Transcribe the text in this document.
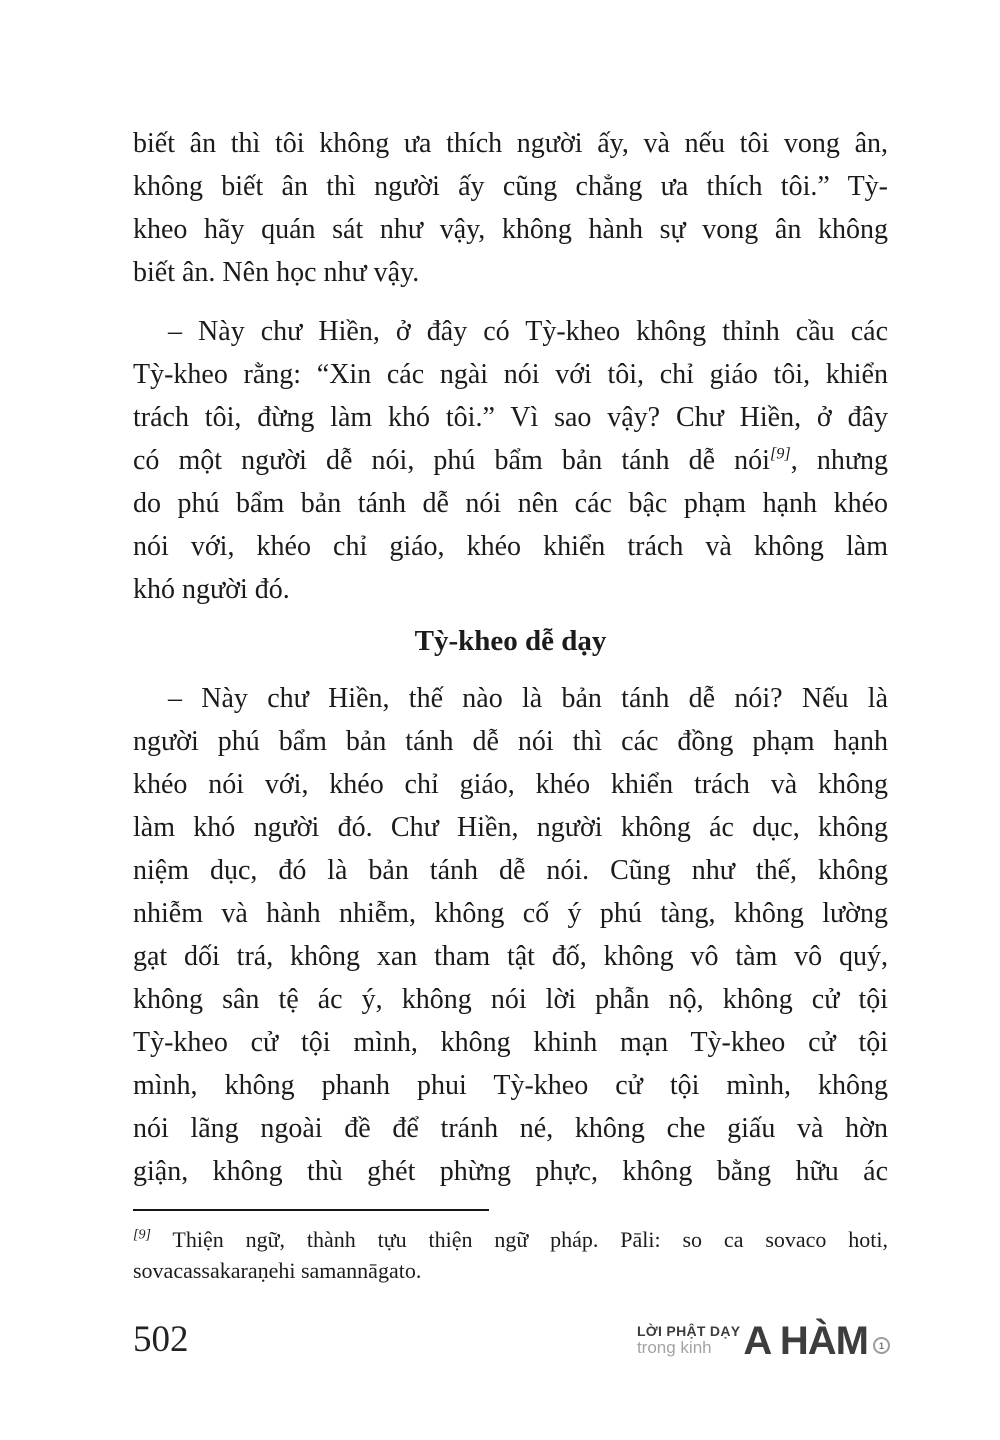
biết ân thì tôi không ưa thích người ấy, và nếu tôi vong ân,
không biết ân thì người ấy cũng chẳng ưa thích tôi.” Tỳ-
kheo hãy quán sát như vậy, không hành sự vong ân không
biết ân. Nên học như vậy.
– Này chư Hiền, ở đây có Tỳ-kheo không thỉnh cầu các
Tỳ-kheo rằng: “Xin các ngài nói với tôi, chỉ giáo tôi, khiển
trách tôi, đừng làm khó tôi.” Vì sao vậy? Chư Hiền, ở đây
có một người dễ nói, phú bẩm bản tánh dễ nói[9], nhưng
do phú bẩm bản tánh dễ nói nên các bậc phạm hạnh khéo
nói với, khéo chỉ giáo, khéo khiển trách và không làm
khó người đó.
Tỳ-kheo dễ dạy
– Này chư Hiền, thế nào là bản tánh dễ nói? Nếu là
người phú bẩm bản tánh dễ nói thì các đồng phạm hạnh
khéo nói với, khéo chỉ giáo, khéo khiển trách và không
làm khó người đó. Chư Hiền, người không ác dục, không
niệm dục, đó là bản tánh dễ nói. Cũng như thế, không
nhiễm và hành nhiễm, không cố ý phú tàng, không lường
gạt dối trá, không xan tham tật đố, không vô tàm vô quý,
không sân tệ ác ý, không nói lời phẫn nộ, không cử tội
Tỳ-kheo cử tội mình, không khinh mạn Tỳ-kheo cử tội
mình, không phanh phui Tỳ-kheo cử tội mình, không
nói lãng ngoài đề để tránh né, không che giấu và hờn
giận, không thù ghét phừng phực, không bằng hữu ác
[9] Thiện ngữ, thành tựu thiện ngữ pháp. Pāli: so ca sovaco hoti,
sovacassakaraṇehi samannāgato.
502	LỜI PHẬT DẠY
trong kinh A HÀM	1
